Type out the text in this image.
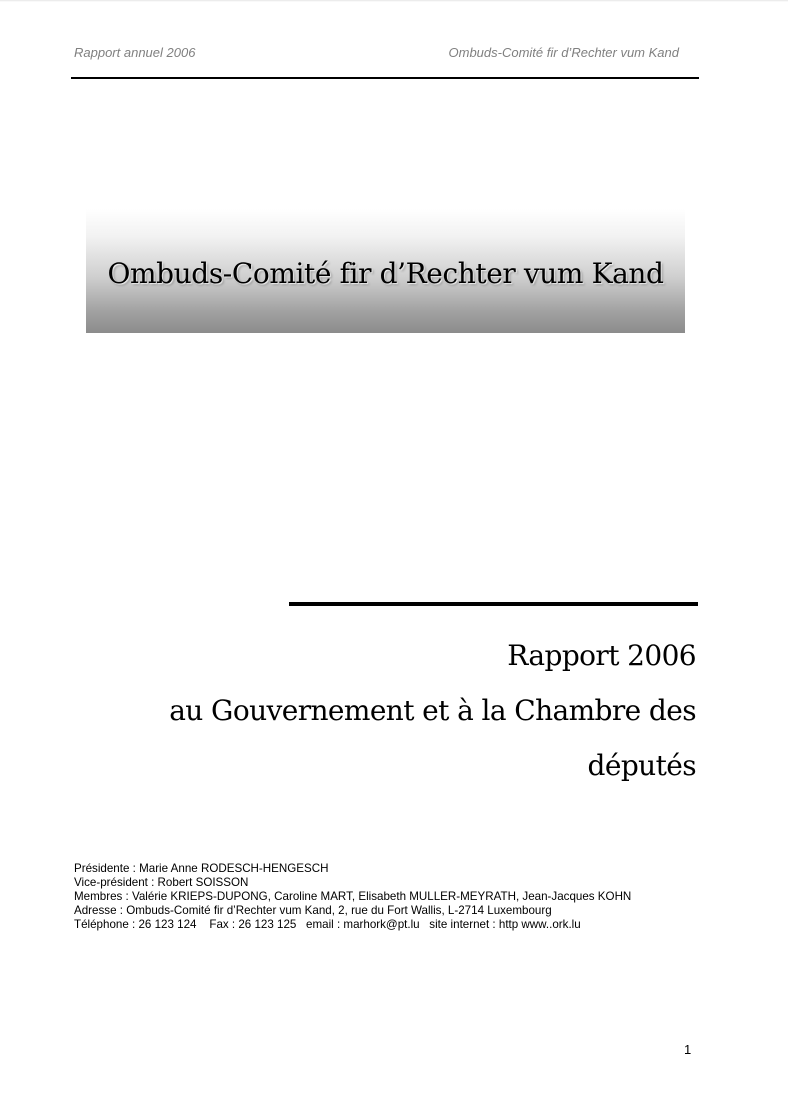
Rapport annuel 2006	Ombuds-Comité fir d’Rechter vum Kand
Ombuds-Comité fir d’Rechter vum Kand
Rapport 2006
au Gouvernement et à la Chambre des
députés
Présidente : Marie Anne RODESCH-HENGESCH
Vice-président : Robert SOISSON
Membres : Valérie KRIEPS-DUPONG, Caroline MART, Elisabeth MULLER-MEYRATH, Jean-Jacques KOHN
Adresse : Ombuds-Comité fir d’Rechter vum Kand, 2, rue du Fort Wallis, L-2714 Luxembourg
Téléphone : 26 123 124    Fax : 26 123 125   email : marhork@pt.lu   site internet : http www..ork.lu
1
